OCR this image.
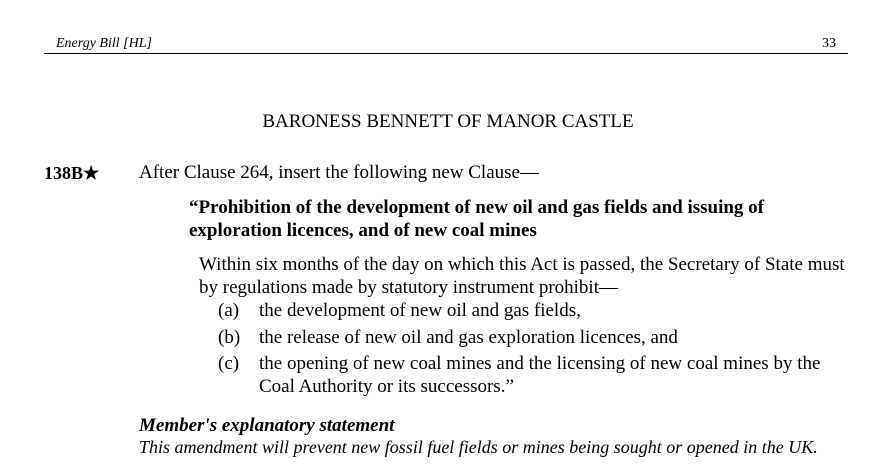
Energy Bill [HL]	33
BARONESS BENNETT OF MANOR CASTLE
138B★ After Clause 264, insert the following new Clause—
“Prohibition of the development of new oil and gas fields and issuing of exploration licences, and of new coal mines
Within six months of the day on which this Act is passed, the Secretary of State must by regulations made by statutory instrument prohibit—
(a) the development of new oil and gas fields,
(b) the release of new oil and gas exploration licences, and
(c) the opening of new coal mines and the licensing of new coal mines by the Coal Authority or its successors.”
Member's explanatory statement
This amendment will prevent new fossil fuel fields or mines being sought or opened in the UK.
